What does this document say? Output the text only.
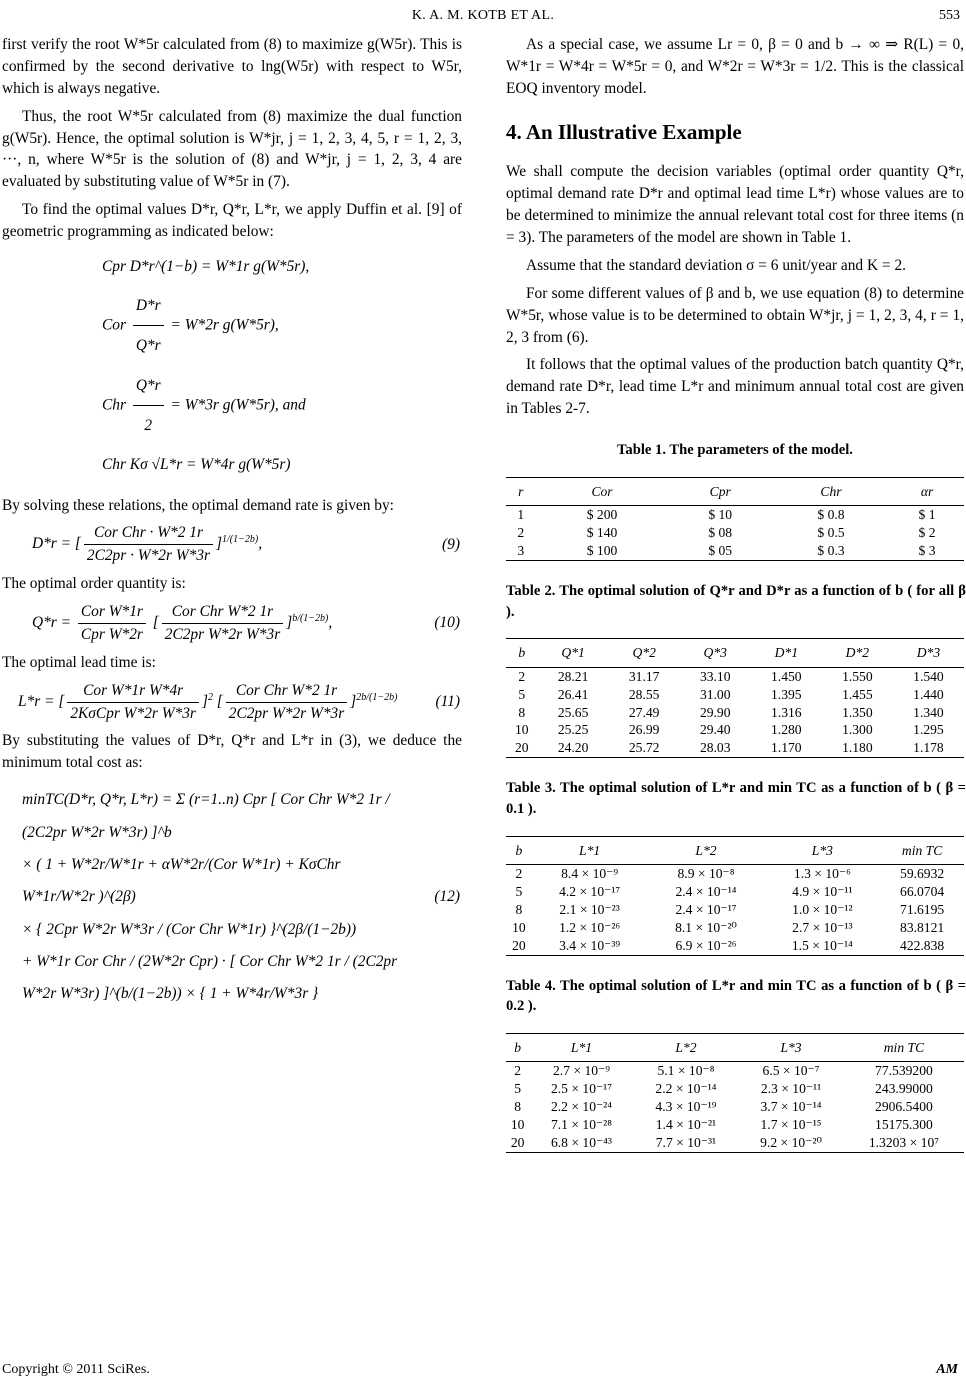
K. A. M. KOTB ET AL.	553

first verify the root W*5r calculated from (8) to maximize g(W5r). This is confirmed by the second derivative to lng(W5r) with respect to W5r, which is always negative.

Thus, the root W*5r calculated from (8) maximize the dual function g(W5r). Hence, the optimal solution is W*jr, j = 1, 2, 3, 4, 5, r = 1, 2, 3, ···, n, where W*5r is the solution of (8) and W*jr, j = 1, 2, 3, 4 are evaluated by substituting value of W*5r in (7).

To find the optimal values D*r, Q*r, L*r, we apply Duffin et al. [9] of geometric programming as indicated below:

Cpr D*r^(1−b) = W*1r g(W*5r),
Cor $\frac{D*r}{Q*r} = W*2r$ g(W*5r),
Chr $\frac{Q*r}{2} = W*3r$ g(W*5r), and
Chr Kσ √L*r = W*4r g(W*5r)

By solving these relations, the optimal demand rate is given by:

D*r = [ $\frac{\text{Cor Chr · W*2 1r}}{\text{2C2pr · W*2r W*3r}} ]^{1/(1-2b)}$,	(9)

The optimal order quantity is:

$Q*r = \frac{\text{Cor W*1r}}{\text{Cpr W*2r}}$ [ $\frac{\text{Cor Chr W*2 1r}}{\text{2C2pr W*2r W*3r}} ]^{b/(1-2b)}$,	(10)

The optimal lead time is:

L*r = [ $\frac{\text{Cor W*1r W*4r}}{\text{2KσCpr W*2r W*3r}} ]^2$ [ $\frac{\text{Cor Chr W*2 1r}}{\text{2C2pr W*2r W*3r}} ]^{2b/(1-2b)}$	(11)

By substituting the values of D*r, Q*r and L*r in (3), we deduce the minimum total cost as:

minTC(D*r, Q*r, L*r) = Σ (r=1..n) Cpr [ Cor Chr W*2 1r / (2C2pr W*2r W*3r) ]^b
× ( 1 + W*2r/W*1r + αW*2r/(Cor W*1r) + KσChr W*1r/W*2r )^(2β)
× { 2Cpr W*2r W*3r / (Cor Chr W*1r) }^(2β/(1−2b))
+ W*1r Cor Chr / (2W*2r Cpr) · [ Cor Chr W*2 1r / (2C2pr W*2r W*3r) ]^(b/(1−2b)) × { 1 + W*4r/W*3r }
(12)

As a special case, we assume Lr = 0, β = 0 and b → ∞ ⇒ R(L) = 0, W*1r = W*4r = W*5r = 0, and W*2r = W*3r = 1/2. This is the classical EOQ inventory model.

4. An Illustrative Example

We shall compute the decision variables (optimal order quantity Q*r, optimal demand rate D*r and optimal lead time L*r) whose values are to be determined to minimize the annual relevant total cost for three items (n = 3). The parameters of the model are shown in Table 1.

Assume that the standard deviation σ = 6 unit/year and K = 2.

For some different values of β and b, we use equation (8) to determine W*5r, whose value is to be determined to obtain W*jr, j = 1, 2, 3, 4, r = 1, 2, 3 from (6).

It follows that the optimal values of the production batch quantity Q*r, demand rate D*r, lead time L*r and minimum annual total cost are given in Tables 2-7.

Table 1. The parameters of the model.
r	Cor	Cpr	Chr	αr
1	$ 200	$ 10	$ 0.8	$ 1
2	$ 140	$ 08	$ 0.5	$ 2
3	$ 100	$ 05	$ 0.3	$ 3
Table 2. The optimal solution of Q*r and D*r as a function of b ( for all β ).
b	Q*1	Q*2	Q*3	D*1	D*2	D*3
2	28.21	31.17	33.10	1.450	1.550	1.540
5	26.41	28.55	31.00	1.395	1.455	1.440
8	25.65	27.49	29.90	1.316	1.350	1.340
10	25.25	26.99	29.40	1.280	1.300	1.295
20	24.20	25.72	28.03	1.170	1.180	1.178
Table 3. The optimal solution of L*r and min TC as a function of b ( β = 0.1 ).
b	L*1	L*2	L*3	min TC
2	8.4 × 10⁻⁹	8.9 × 10⁻⁸	1.3 × 10⁻⁶	59.6932
5	4.2 × 10⁻¹⁷	2.4 × 10⁻¹⁴	4.9 × 10⁻¹¹	66.0704
8	2.1 × 10⁻²³	2.4 × 10⁻¹⁷	1.0 × 10⁻¹²	71.6195
10	1.2 × 10⁻²⁶	8.1 × 10⁻²⁰	2.7 × 10⁻¹³	83.8121
20	3.4 × 10⁻³⁹	6.9 × 10⁻²⁶	1.5 × 10⁻¹⁴	422.838
Table 4. The optimal solution of L*r and min TC as a function of b ( β = 0.2 ).
b	L*1	L*2	L*3	min TC
2	2.7 × 10⁻⁹	5.1 × 10⁻⁸	6.5 × 10⁻⁷	77.539200
5	2.5 × 10⁻¹⁷	2.2 × 10⁻¹⁴	2.3 × 10⁻¹¹	243.99000
8	2.2 × 10⁻²⁴	4.3 × 10⁻¹⁹	3.7 × 10⁻¹⁴	2906.5400
10	7.1 × 10⁻²⁸	1.4 × 10⁻²¹	1.7 × 10⁻¹⁵	15175.300
20	6.8 × 10⁻⁴³	7.7 × 10⁻³¹	9.2 × 10⁻²⁰	1.3203 × 10⁷
Copyright © 2011 SciRes.	AM
